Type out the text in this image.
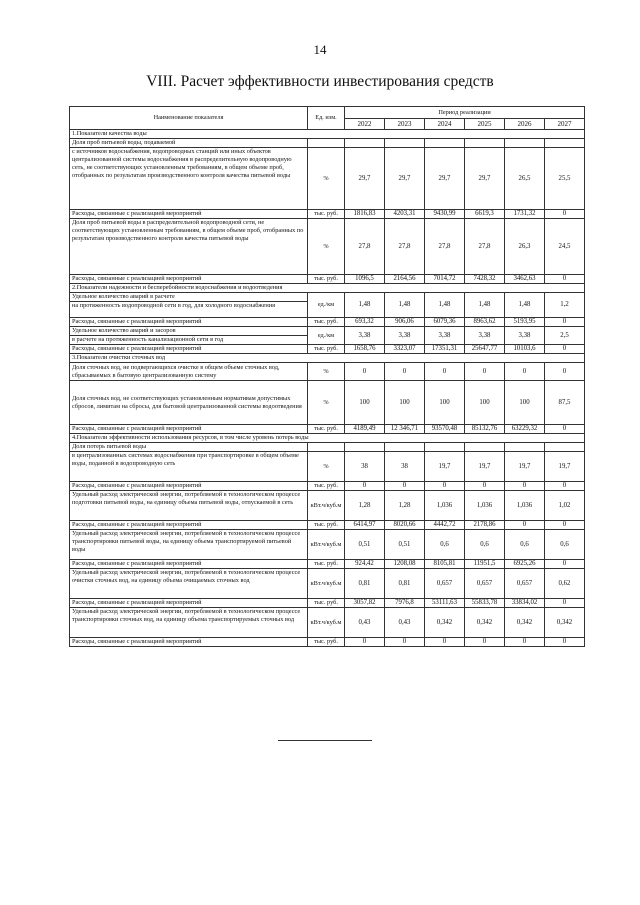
14
VIII. Расчет эффективности инвестирования средств
Наименование показателя	Ед. изм.	Период реализации					
		2022	2023	2024	2025	2026	2027
1.Показатели качества воды							
Доля проб питьевой воды, подаваемой							
с источников водоснабжения, водопроводных станций или иных объектов централизованной системы водоснабжения в распределительную водопроводную сеть, не соответствующих установленным требованиям, в общем объеме проб, отобранных по результатам производственного контроля качества питьевой воды	%	29,7	29,7	29,7	29,7	26,5	25,5
Расходы, связанные с реализацией мероприятий	тыс. руб.	1816,83	4203,31	9430,99	6619,3	1731,32	0
Доля проб питьевой воды в распределительной водопроводной сети, не соответствующих установленным требованиям, в общем объеме проб, отобранных по результатам производственного контроля качества питьевой воды	%	27,8	27,8	27,8	27,8	26,3	24,5
Расходы, связанные с реализацией мероприятий	тыс. руб.	1096,5	2164,56	7014,72	7428,32	3462,63	0
2.Показатели надежности и бесперебойности водоснабжения и водоотведения							
Удельное количество аварий в расчете	ед./км	1,48	1,48	1,48	1,48	1,48	1,2
на протяженность водопроводной сети в год, для холодного водоснабжения							
Расходы, связанные с реализацией мероприятий	тыс. руб.	693,32	906,06	6079,36	8963,62	5193,95	0
Удельное количество аварий и засоров	ед./км	3,38	3,38	3,38	3,38	3,38	2,5
в расчете на протяженность канализационной сети в год							
Расходы, связанные с реализацией мероприятий	тыс. руб.	1658,76	3323,07	17351,31	25647,77	10103,6	0
3.Показатели очистки сточных вод							
Доля сточных вод, не подвергающихся очистке в общем объеме сточных вод, сбрасываемых в бытовую централизованную систему	%	0	0	0	0	0	0
Доля сточных вод, не соответствующих установленным нормативам допустимых сбросов, лимитам на сбросы, для бытовой централизованной системы водоотведения	%	100	100	100	100	100	87,5
Расходы, связанные с реализацией мероприятий	тыс. руб.	4189,49	12 346,71	93570,48	85132,76	63229,32	0
4.Показатели эффективности использования ресурсов, в том числе уровень потерь воды							
Доля потерь питьевой воды							
в централизованных системах водоснабжения при транспортировке в общем объеме воды, поданной в водопроводную сеть	%	38	38	19,7	19,7	19,7	19,7
Расходы, связанные с реализацией мероприятий	тыс. руб.	0	0	0	0	0	0
Удельный расход электрической энергии, потребляемой в технологическом процессе подготовки питьевой воды, на единицу объема питьевой воды, отпускаемой в сеть	кВт.ч/куб.м	1,28	1,28	1,036	1,036	1,036	1,02
Расходы, связанные с реализацией мероприятий	тыс. руб.	6414,97	8020,66	4442,72	2178,86	0	0
Удельный расход электрической энергии, потребляемой в технологическом процессе транспортировки питьевой воды, на единицу объема транспортируемой питьевой воды	кВт.ч/куб.м	0,51	0,51	0,6	0,6	0,6	0,6
Расходы, связанные с реализацией мероприятий	тыс. руб.	924,42	1208,08	8105,81	11951,5	6925,26	0
Удельный расход электрической энергии, потребляемой в технологическом процессе очистки сточных вод, на единицу объема очищаемых сточных вод	кВт.ч/куб.м	0,81	0,81	0,657	0,657	0,657	0,62
Расходы, связанные с реализацией мероприятий	тыс. руб.	3057,82	7976,8	53111,63	55833,78	33834,02	0
Удельный расход электрической энергии, потребляемой в технологическом процессе транспортировки сточных вод, на единицу объема транспортируемых сточных вод	кВт.ч/куб.м	0,43	0,43	0,342	0,342	0,342	0,342
Расходы, связанные с реализацией мероприятий	тыс. руб.	0	0	0	0	0	0
